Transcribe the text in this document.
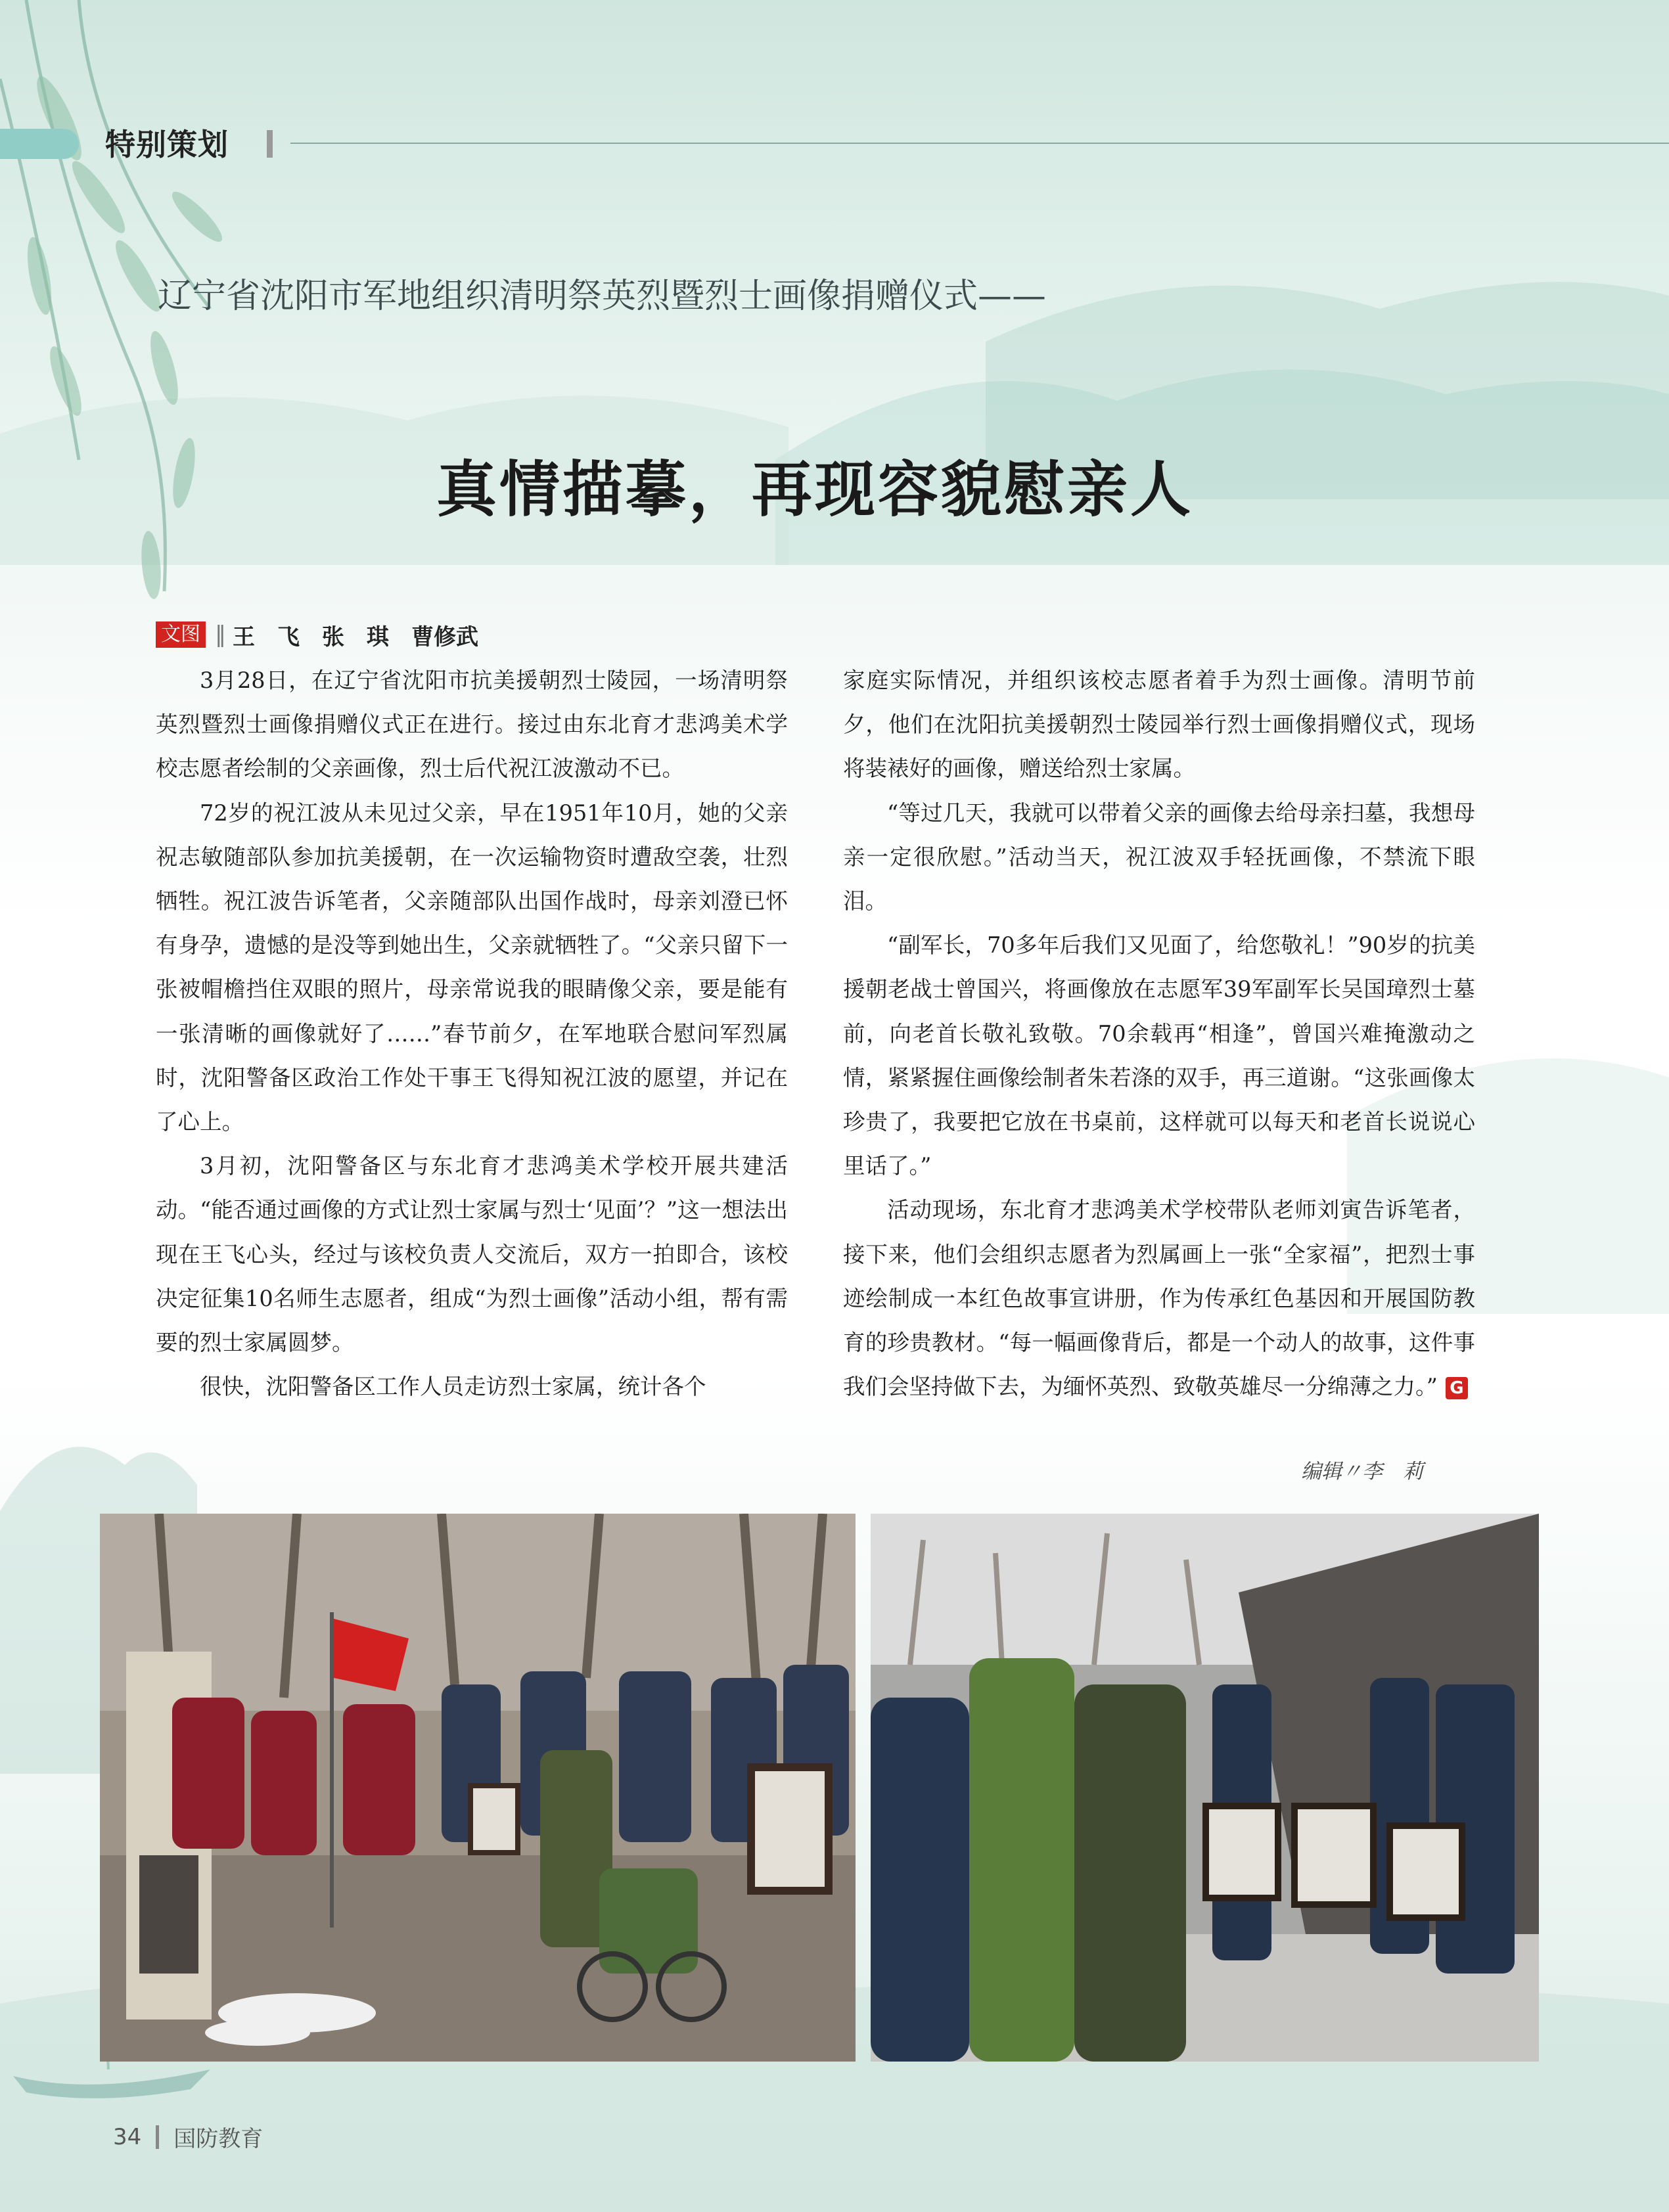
特别策划
辽宁省沈阳市军地组织清明祭英烈暨烈士画像捐赠仪式——
真情描摹，再现容貌慰亲人
文图 ‖ 王　飞　张　琪　曹修武

3月28日，在辽宁省沈阳市抗美援朝烈士陵园，一场清明祭英烈暨烈士画像捐赠仪式正在进行。接过由东北育才悲鸿美术学校志愿者绘制的父亲画像，烈士后代祝江波激动不已。

72岁的祝江波从未见过父亲，早在1951年10月，她的父亲祝志敏随部队参加抗美援朝，在一次运输物资时遭敌空袭，壮烈牺牲。祝江波告诉笔者，父亲随部队出国作战时，母亲刘澄已怀有身孕，遗憾的是没等到她出生，父亲就牺牲了。“父亲只留下一张被帽檐挡住双眼的照片，母亲常说我的眼睛像父亲，要是能有一张清晰的画像就好了……”春节前夕，在军地联合慰问军烈属时，沈阳警备区政治工作处干事王飞得知祝江波的愿望，并记在了心上。

3月初，沈阳警备区与东北育才悲鸿美术学校开展共建活动。“能否通过画像的方式让烈士家属与烈士‘见面’？”这一想法出现在王飞心头，经过与该校负责人交流后，双方一拍即合，该校决定征集10名师生志愿者，组成“为烈士画像”活动小组，帮有需要的烈士家属圆梦。

很快，沈阳警备区工作人员走访烈士家属，统计各个

家庭实际情况，并组织该校志愿者着手为烈士画像。清明节前夕，他们在沈阳抗美援朝烈士陵园举行烈士画像捐赠仪式，现场将装裱好的画像，赠送给烈士家属。

“等过几天，我就可以带着父亲的画像去给母亲扫墓，我想母亲一定很欣慰。”活动当天，祝江波双手轻抚画像，不禁流下眼泪。

“副军长，70多年后我们又见面了，给您敬礼！”90岁的抗美援朝老战士曾国兴，将画像放在志愿军39军副军长吴国璋烈士墓前，向老首长敬礼致敬。70余载再“相逢”，曾国兴难掩激动之情，紧紧握住画像绘制者朱若涤的双手，再三道谢。“这张画像太珍贵了，我要把它放在书桌前，这样就可以每天和老首长说说心里话了。”

活动现场，东北育才悲鸿美术学校带队老师刘寅告诉笔者，接下来，他们会组织志愿者为烈属画上一张“全家福”，把烈士事迹绘制成一本红色故事宣讲册，作为传承红色基因和开展国防教育的珍贵教材。“每一幅画像背后，都是一个动人的故事，这件事我们会坚持做下去，为缅怀英烈、致敬英雄尽一分绵薄之力。” G

编辑〃李　莉
34 国防教育
